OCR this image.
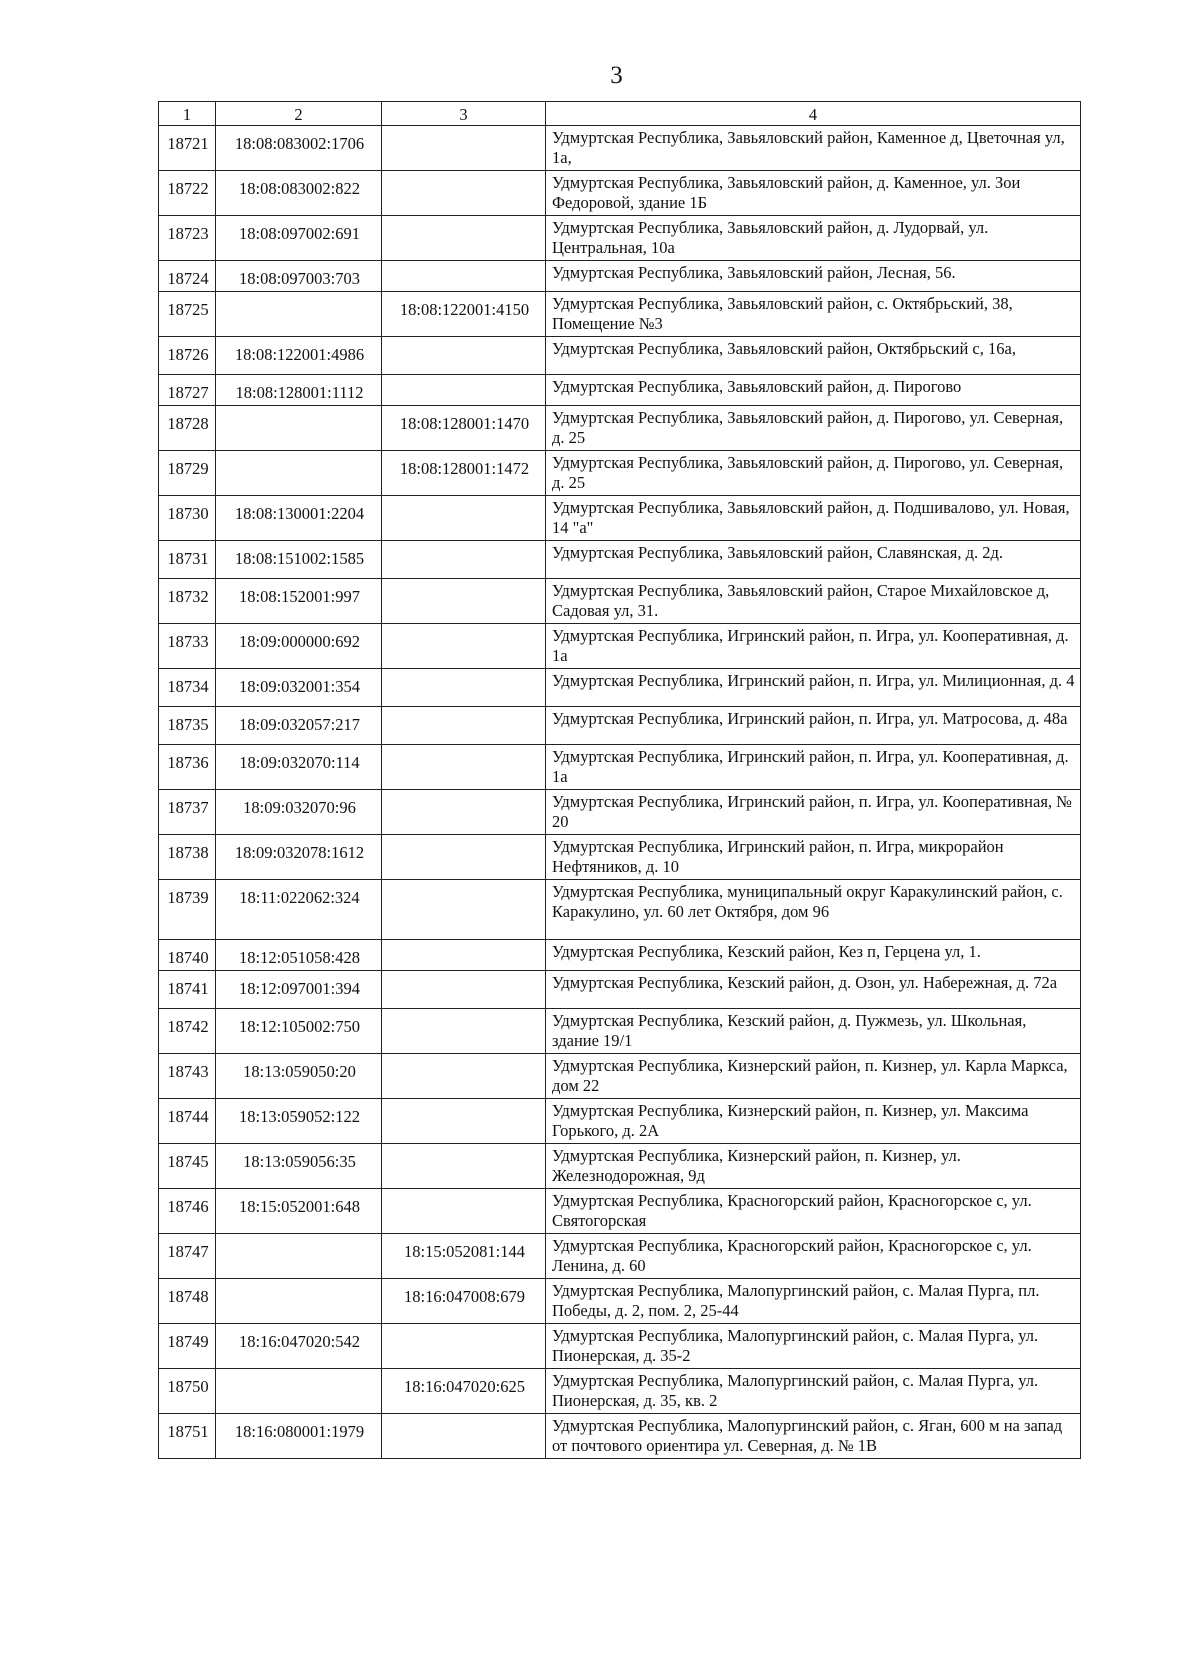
3
1	2	3	4
18721	18:08:083002:1706		Удмуртская Республика, Завьяловский район, Каменное д, Цветочная ул, 1а,
18722	18:08:083002:822		Удмуртская Республика, Завьяловский район, д. Каменное, ул. Зои Федоровой, здание 1Б
18723	18:08:097002:691		Удмуртская Республика, Завьяловский район, д. Лудорвай, ул. Центральная, 10а
18724	18:08:097003:703		Удмуртская Республика, Завьяловский район, Лесная, 56.
18725		18:08:122001:4150	Удмуртская Республика, Завьяловский район, с. Октябрьский, 38, Помещение №3
18726	18:08:122001:4986		Удмуртская Республика, Завьяловский район, Октябрьский с, 16а,
18727	18:08:128001:1112		Удмуртская Республика, Завьяловский район, д. Пирогово
18728		18:08:128001:1470	Удмуртская Республика, Завьяловский район, д. Пирогово, ул. Северная, д. 25
18729		18:08:128001:1472	Удмуртская Республика, Завьяловский район, д. Пирогово, ул. Северная, д. 25
18730	18:08:130001:2204		Удмуртская Республика, Завьяловский район, д. Подшивалово, ул. Новая, 14 "а"
18731	18:08:151002:1585		Удмуртская Республика, Завьяловский район, Славянская, д. 2д.
18732	18:08:152001:997		Удмуртская Республика, Завьяловский район, Старое Михайловское д, Садовая ул, 31.
18733	18:09:000000:692		Удмуртская Республика, Игринский район, п. Игра, ул. Кооперативная, д. 1а
18734	18:09:032001:354		Удмуртская Республика, Игринский район, п. Игра, ул. Милиционная, д. 4
18735	18:09:032057:217		Удмуртская Республика, Игринский район, п. Игра, ул. Матросова, д. 48а
18736	18:09:032070:114		Удмуртская Республика, Игринский район, п. Игра, ул. Кооперативная, д. 1а
18737	18:09:032070:96		Удмуртская Республика, Игринский район, п. Игра, ул. Кооперативная, № 20
18738	18:09:032078:1612		Удмуртская Республика, Игринский район, п. Игра, микрорайон Нефтяников, д. 10
18739	18:11:022062:324		Удмуртская Республика, муниципальный округ Каракулинский район, с. Каракулино, ул. 60 лет Октября, дом 96
18740	18:12:051058:428		Удмуртская Республика, Кезский район, Кез п, Герцена ул, 1.
18741	18:12:097001:394		Удмуртская Республика, Кезский район, д. Озон, ул. Набережная, д. 72а
18742	18:12:105002:750		Удмуртская Республика, Кезский район, д. Пужмезь, ул. Школьная, здание 19/1
18743	18:13:059050:20		Удмуртская Республика, Кизнерский район, п. Кизнер, ул. Карла Маркса, дом 22
18744	18:13:059052:122		Удмуртская Республика, Кизнерский район, п. Кизнер, ул. Максима Горького, д. 2А
18745	18:13:059056:35		Удмуртская Республика, Кизнерский район, п. Кизнер, ул. Железнодорожная, 9д
18746	18:15:052001:648		Удмуртская Республика, Красногорский район, Красногорское с, ул. Святогорская
18747		18:15:052081:144	Удмуртская Республика, Красногорский район, Красногорское с, ул. Ленина, д. 60
18748		18:16:047008:679	Удмуртская Республика, Малопургинский район, с. Малая Пурга, пл. Победы, д. 2, пом. 2, 25-44
18749	18:16:047020:542		Удмуртская Республика, Малопургинский район, с. Малая Пурга, ул. Пионерская, д. 35-2
18750		18:16:047020:625	Удмуртская Республика, Малопургинский район, с. Малая Пурга, ул. Пионерская, д. 35, кв. 2
18751	18:16:080001:1979		Удмуртская Республика, Малопургинский район, с. Яган, 600 м на запад от почтового ориентира ул. Северная, д. № 1В
